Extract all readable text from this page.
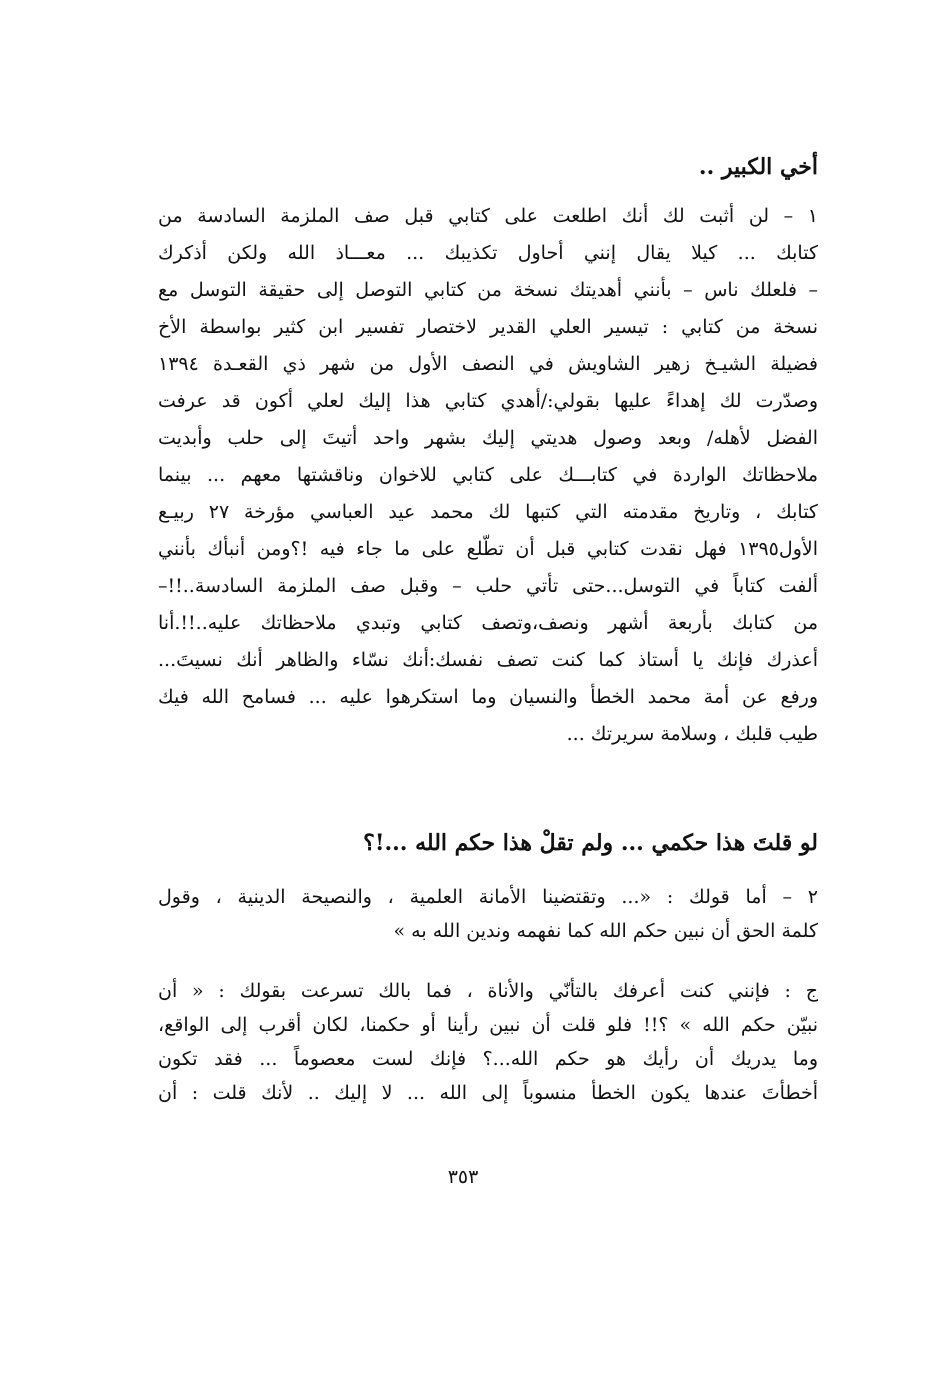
أخي الكبير ..
١ – لن أثبت لك أنك اطلعت على كتابي قبل صف الملزمة السادسة من
كتابك ... كيلا يقال إنني أحاول تكذيبك ... معـــاذ الله ولكن أذكرك
– فلعلك ناس – بأنني أهديتك نسخة من كتابي التوصل إلى حقيقة التوسل مع
نسخة من كتابي : تيسير العلي القدير لاختصار تفسير ابن كثير بواسطة الأخ
فضيلة الشيـخ زهير الشاويش في النصف الأول من شهر ذي القعـدة ١٣٩٤
وصدّرت لك إهداءً عليها بقولي:/أهدي كتابي هذا إليك لعلي أكون قد عرفت
الفضل لأهله/ وبعد وصول هديتي إليك بشهر واحد أتيتَ إلى حلب وأبديت
ملاحظاتك الواردة في كتابـــك على كتابي للاخوان وناقشتها معهم ... بينما
كتابك ، وتاريخ مقدمته التي كتبها لك محمد عيد العباسي مؤرخة ٢٧ ربيـع
الأول١٣٩٥ فهل نقدت كتابي قبل أن تطّلع على ما جاء فيه !؟ومن أنبأك بأنني
ألفت كتاباً في التوسل...حتى تأتي حلب – وقبل صف الملزمة السادسة..!!–
من كتابك بأربعة أشهر ونصف،وتصف كتابي وتبدي ملاحظاتك عليه..!!.أنا
أعذرك فإنك يا أستاذ كما كنت تصف نفسك:أنك نسّاء والظاهر أنك نسيتَ...
ورفع عن أمة محمد الخطأ والنسيان وما استكرهوا عليه ... فسامح الله فيك
طيب قلبك ، وسلامة سريرتك ...
لو قلتَ هذا حكمي ... ولم تقلْ هذا حكم الله ...!؟
٢ – أما قولك : «... وتقتضينا الأمانة العلمية ، والنصيحة الدينية ، وقول
كلمة الحق أن نبين حكم الله كما نفهمه وندين الله به »
ج : فإنني كنت أعرفك بالتأنّي والأناة ، فما بالك تسرعت بقولك : « أن
نبيّن حكم الله » ؟!! فلو قلت أن نبين رأينا أو حكمنا، لكان أقرب إلى الواقع،
وما يدريك أن رأيك هو حكم الله...؟ فإنك لست معصوماً ... فقد تكون
أخطأتَ عندها يكون الخطأ منسوباً إلى الله ... لا إليك .. لأنك قلت : أن
٣٥٣
